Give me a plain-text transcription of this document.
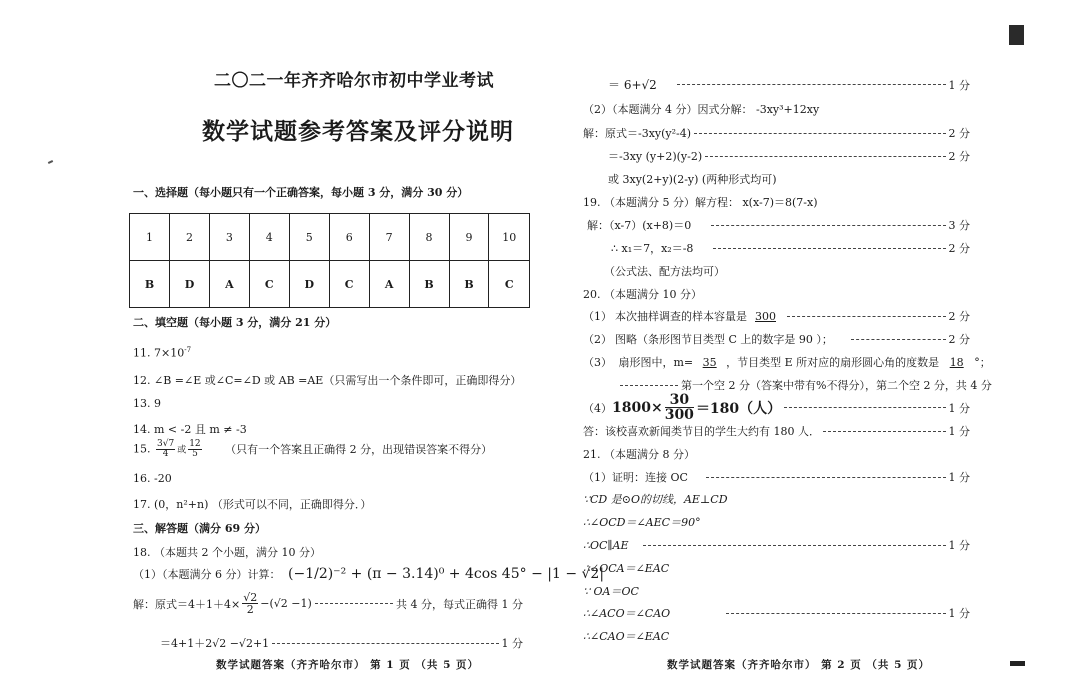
二〇二一年齐齐哈尔市初中学业考试
数学试题参考答案及评分说明
一、选择题（每小题只有一个正确答案，每小题 3 分，满分 30 分）
1	2	3	4	5	6	7	8	9	10
B	D	A	C	D	C	A	B	B	C
二、填空题（每小题 3 分，满分 21 分）
11. $7\times 10^{-7}$
12. ∠B =∠E 或∠C=∠D 或 AB =AE（只需写出一个条件即可，正确即得分）
13. 9
14. m < -2 且 m ≠ -3
15. $\frac{3√7}{4}$ 或 $\frac{12}{5}$ （只有一个答案且正确得 2 分，出现错误答案不得分）
16. -20
17. (0，n²+n) （形式可以不同，正确即得分．）
三、解答题（满分 69 分）
18. （本题共 2 个小题，满分 10 分）
（1）（本题满分 6 分）计算： (−1/2)⁻² + (π − 3.14)⁰ + 4cos 45° − |1 − √2|
解：原式$=4+1+4\times \frac{√2}{2} -(√2 -1)$	共 4 分，每式正确得 1 分
＝4+1＋2√2 −√2+1	1 分
数学试题答案（齐齐哈尔市） 第 1 页 （共 5 页）
＝ 6+√2	1 分
（2）（本题满分 4 分）因式分解： -3xy³+12xy
解：原式＝-3xy(y²-4)	2 分
＝-3xy (y+2)(y-2)	2 分
或 3xy(2+y)(2-y) (两种形式均可)
19. （本题满分 5 分）解方程： x(x-7)＝8(7-x)
解：（x-7）(x+8)＝0	3 分
∴ x₁＝7，x₂＝-8	2 分
（公式法、配方法均可）
20. （本题满分 10 分）
（1） 本次抽样调查的样本容量是 300	2 分
（2） 图略（条形图节目类型 C 上的数字是 90 ）；	2 分
（3） 扇形图中，m= 35 ，节目类型 E 所对应的扇形圆心角的度数是 18 °；
第一个空 2 分（答案中带有%不得分），第二个空 2 分，共 4 分
（4） $1800\times \frac{30}{300} =180$（人）	1 分
答：该校喜欢新闻类节目的学生大约有 180 人．	1 分
21. （本题满分 8 分）
（1）证明：连接 OC	1 分
∵CD 是⊙O的切线，AE⊥CD
∴∠OCD＝∠AEC＝90°
∴OC∥AE	1 分
∴∠OCA＝∠EAC
∵ OA＝OC
∴∠ACO＝∠CAO	1 分
∴∠CAO＝∠EAC
数学试题答案（齐齐哈尔市） 第 2 页 （共 5 页）
